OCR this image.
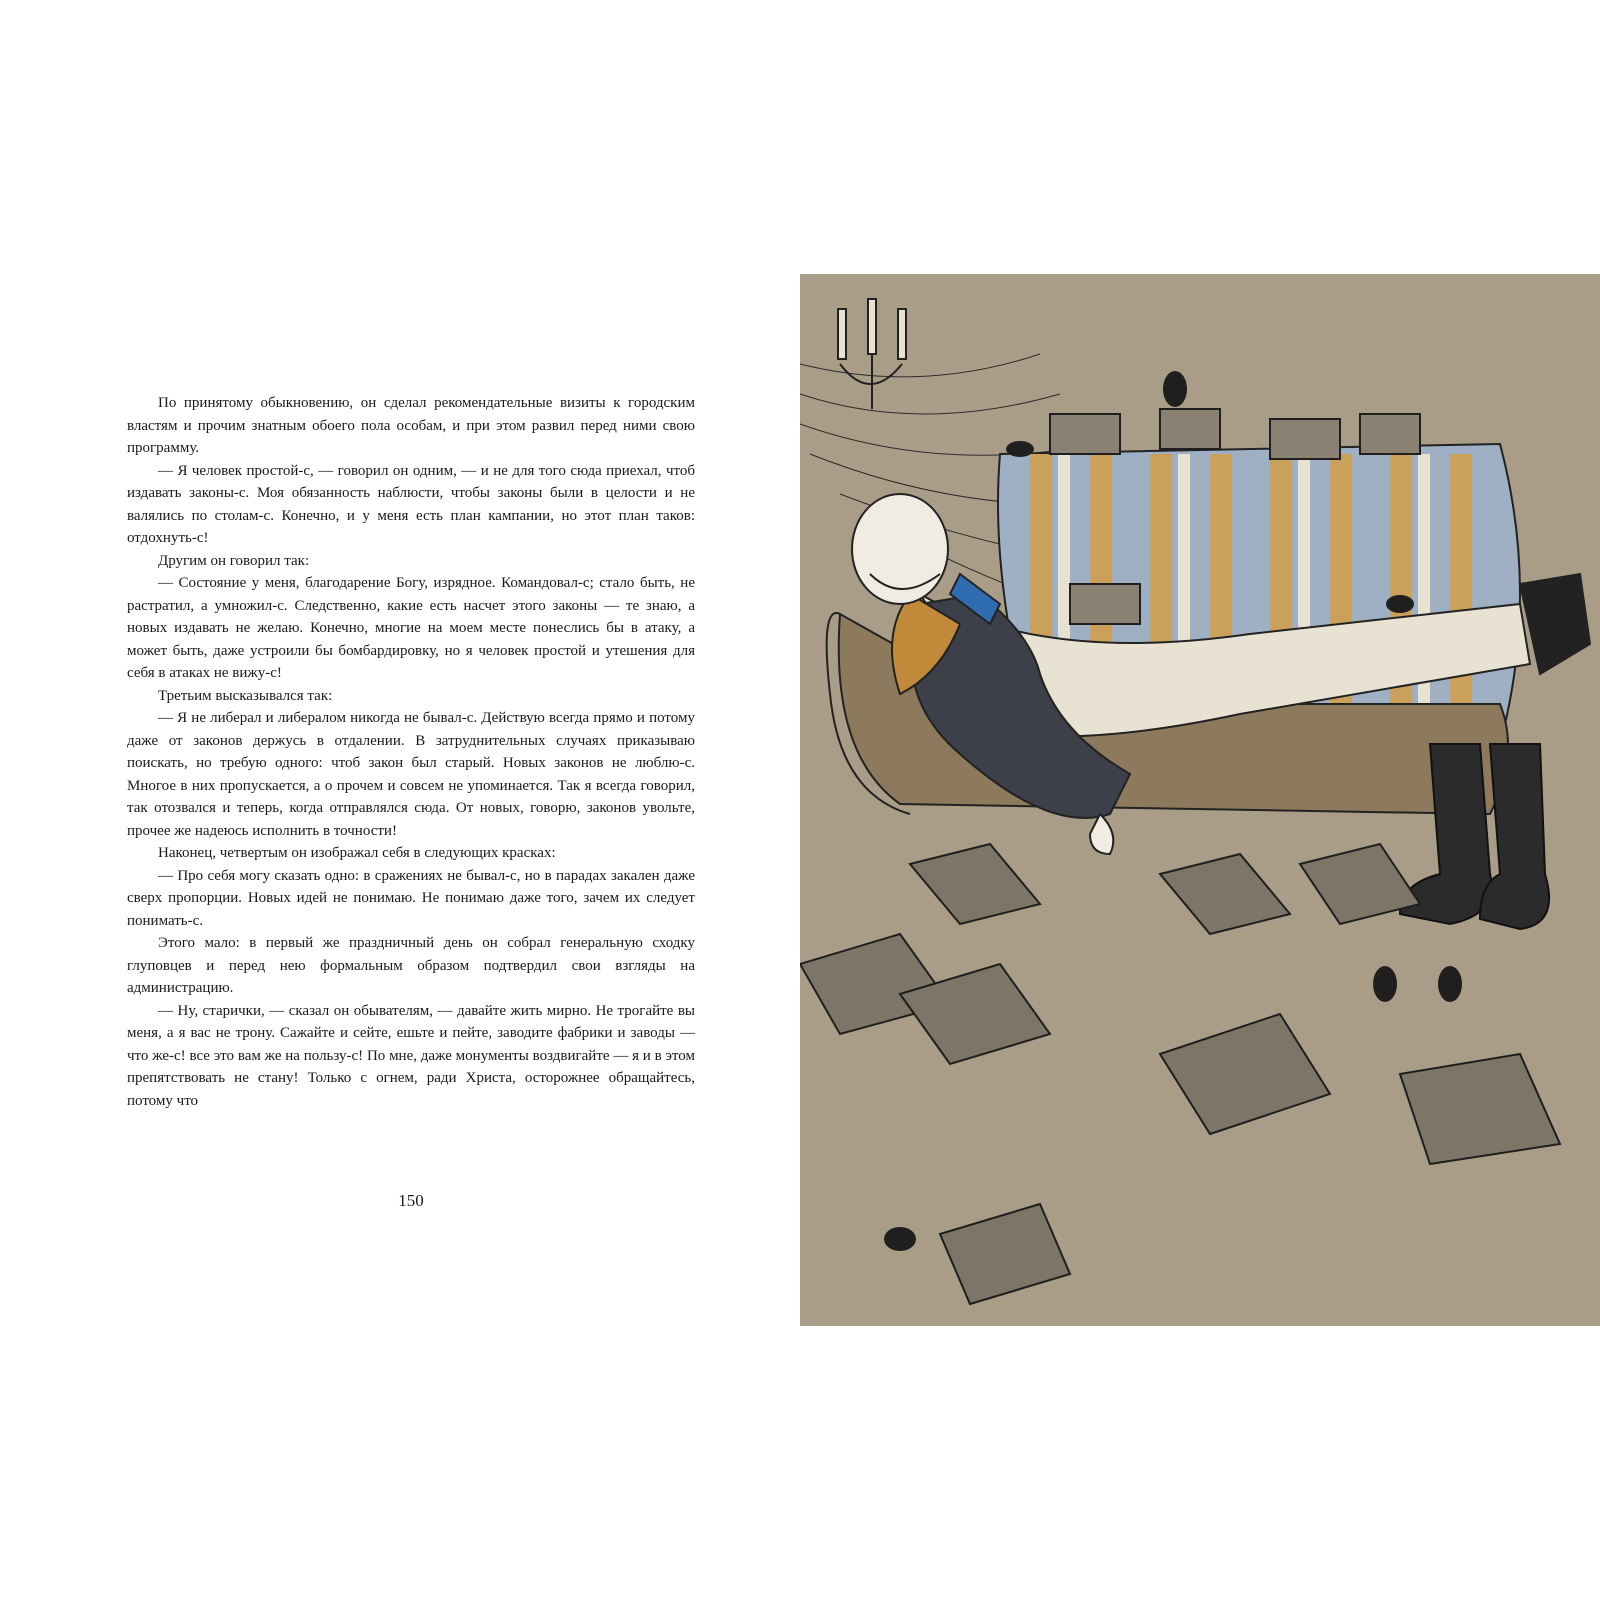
По принятому обыкновению, он сделал рекомендательные визиты к городским властям и прочим знатным обоего пола особам, и при этом развил перед ними свою программу.

— Я человек простой-с, — говорил он одним, — и не для того сюда приехал, чтоб издавать законы-с. Моя обязанность наблюсти, чтобы законы были в целости и не валялись по столам-с. Конечно, и у меня есть план кампании, но этот план таков: отдохнуть-с!

Другим он говорил так:

— Состояние у меня, благодарение Богу, изрядное. Командовал-с; стало быть, не растратил, а умножил-с. Следственно, какие есть насчет этого законы — те знаю, а новых издавать не желаю. Конечно, многие на моем месте понеслись бы в атаку, а может быть, даже устроили бы бомбардировку, но я человек простой и утешения для себя в атаках не вижу-с!

Третьим высказывался так:

— Я не либерал и либералом никогда не бывал-с. Действую всегда прямо и потому даже от законов держусь в отдалении. В затруднительных случаях приказываю поискать, но требую одного: чтоб закон был старый. Новых законов не люблю-с. Многое в них пропускается, а о прочем и совсем не упоминается. Так я всегда говорил, так отозвался и теперь, когда отправлялся сюда. От новых, говорю, законов увольте, прочее же надеюсь исполнить в точности!

Наконец, четвертым он изображал себя в следующих красках:

— Про себя могу сказать одно: в сражениях не бывал-с, но в парадах закален даже сверх пропорции. Новых идей не понимаю. Не понимаю даже того, зачем их следует понимать-с.

Этого мало: в первый же праздничный день он собрал генеральную сходку глуповцев и перед нею формальным образом подтвердил свои взгляды на администрацию.

— Ну, старички, — сказал он обывателям, — давайте жить мирно. Не трогайте вы меня, а я вас не трону. Сажайте и сейте, ешьте и пейте, заводите фабрики и заводы — что же-с! все это вам же на пользу-с! По мне, даже монументы воздвигайте — я и в этом препятствовать не стану! Только с огнем, ради Христа, осторожнее обращайтесь, потому что

150
